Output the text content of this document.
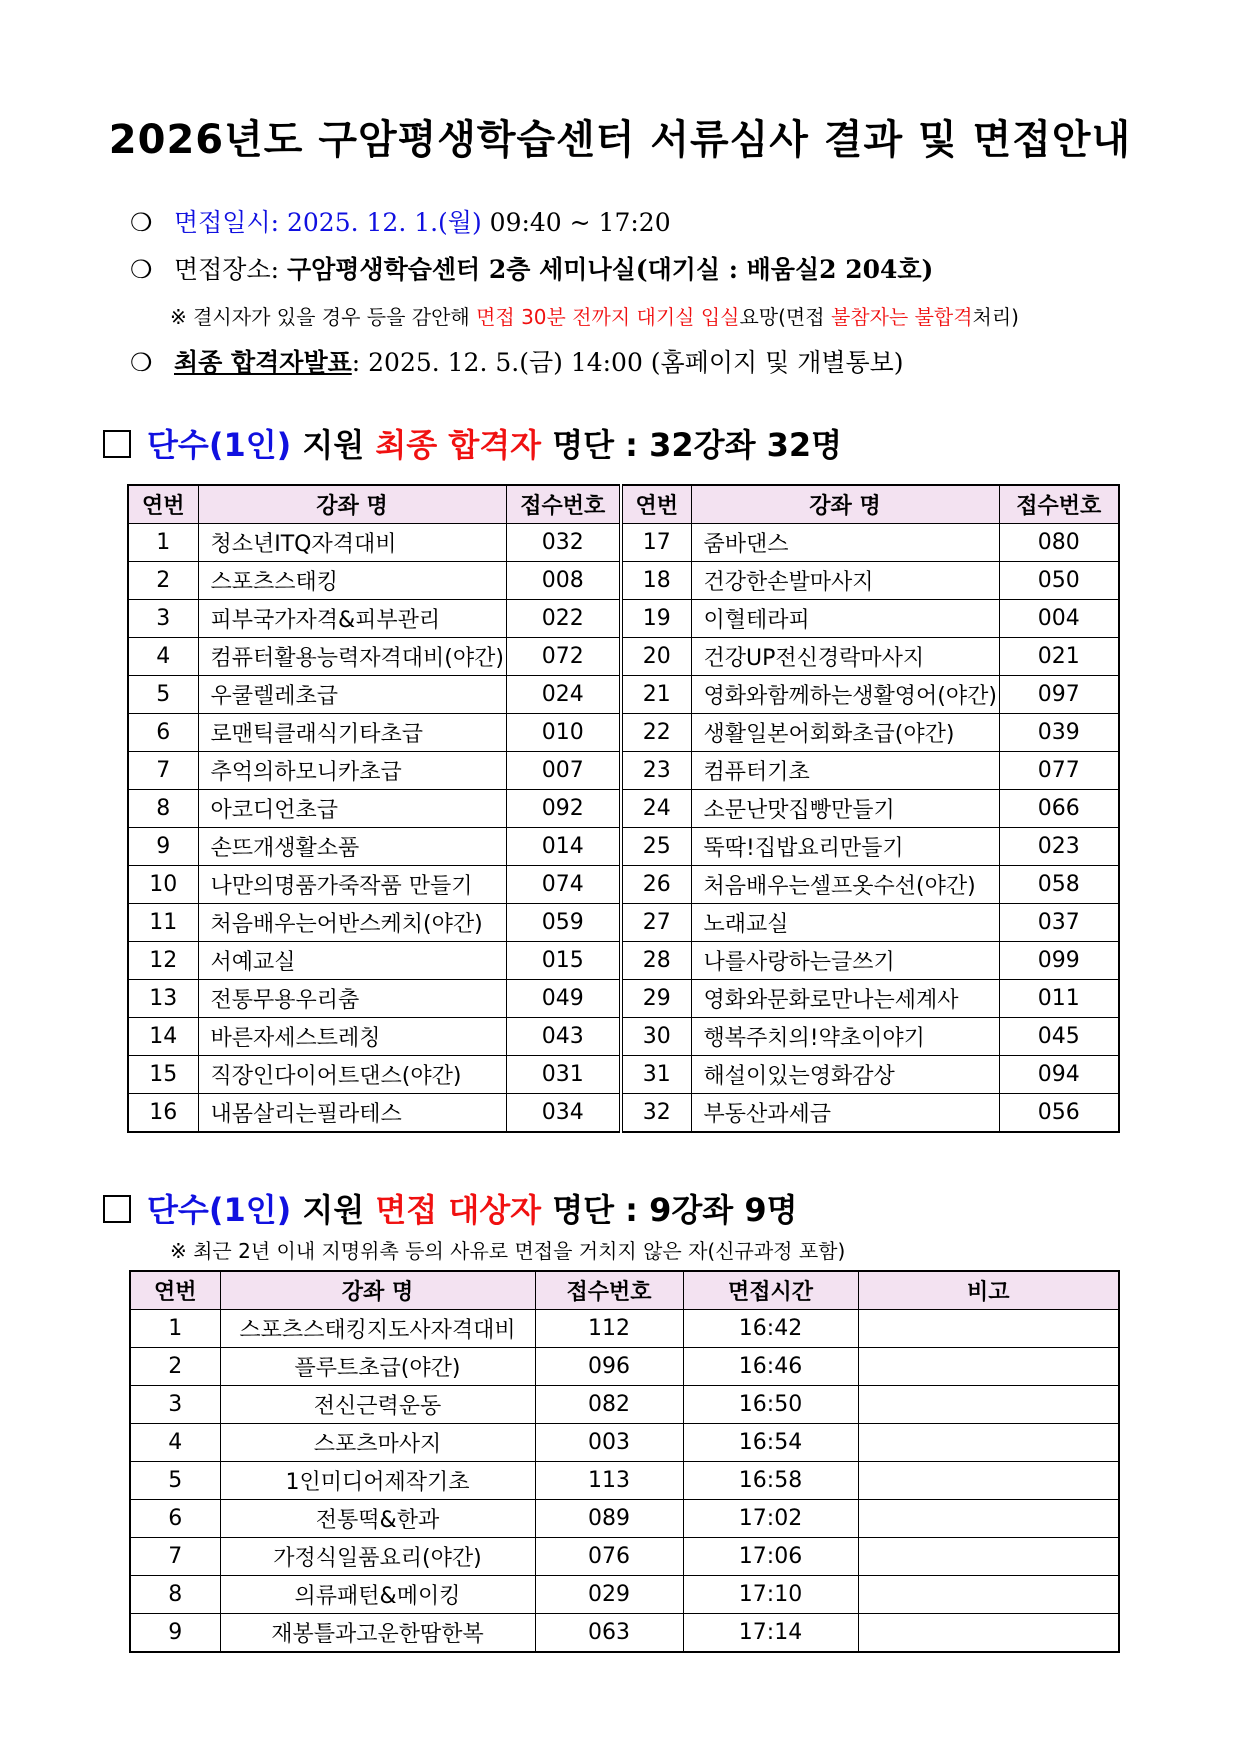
2026년도 구암평생학습센터 서류심사 결과 및 면접안내
❍ 면접일시: 2025. 12. 1.(월) 09:40 ~ 17:20
❍ 면접장소: 구암평생학습센터 2층 세미나실(대기실 : 배움실2 204호)
※ 결시자가 있을 경우 등을 감안해 면접 30분 전까지 대기실 입실요망(면접 불참자는 불합격처리)
❍ 최종 합격자발표: 2025. 12. 5.(금) 14:00 (홈페이지 및 개별통보)
단수(1인) 지원 최종 합격자 명단 : 32강좌 32명
연번	강좌 명	접수번호	연번	강좌 명	접수번호
1	청소년ITQ자격대비	032	17	줌바댄스	080
2	스포츠스태킹	008	18	건강한손발마사지	050
3	피부국가자격&피부관리	022	19	이혈테라피	004
4	컴퓨터활용능력자격대비(야간)	072	20	건강UP전신경락마사지	021
5	우쿨렐레초급	024	21	영화와함께하는생활영어(야간)	097
6	로맨틱클래식기타초급	010	22	생활일본어회화초급(야간)	039
7	추억의하모니카초급	007	23	컴퓨터기초	077
8	아코디언초급	092	24	소문난맛집빵만들기	066
9	손뜨개생활소품	014	25	뚝딱!집밥요리만들기	023
10	나만의명품가죽작품 만들기	074	26	처음배우는셀프옷수선(야간)	058
11	처음배우는어반스케치(야간)	059	27	노래교실	037
12	서예교실	015	28	나를사랑하는글쓰기	099
13	전통무용우리춤	049	29	영화와문화로만나는세계사	011
14	바른자세스트레칭	043	30	행복주치의!약초이야기	045
15	직장인다이어트댄스(야간)	031	31	해설이있는영화감상	094
16	내몸살리는필라테스	034	32	부동산과세금	056
단수(1인) 지원 면접 대상자 명단 : 9강좌 9명
※ 최근 2년 이내 지명위촉 등의 사유로 면접을 거치지 않은 자(신규과정 포함)
연번	강좌 명	접수번호	면접시간	비고
1	스포츠스태킹지도사자격대비	112	16:42	
2	플루트초급(야간)	096	16:46	
3	전신근력운동	082	16:50	
4	스포츠마사지	003	16:54	
5	1인미디어제작기초	113	16:58	
6	전통떡&한과	089	17:02	
7	가정식일품요리(야간)	076	17:06	
8	의류패턴&메이킹	029	17:10	
9	재봉틀과고운한땀한복	063	17:14	
